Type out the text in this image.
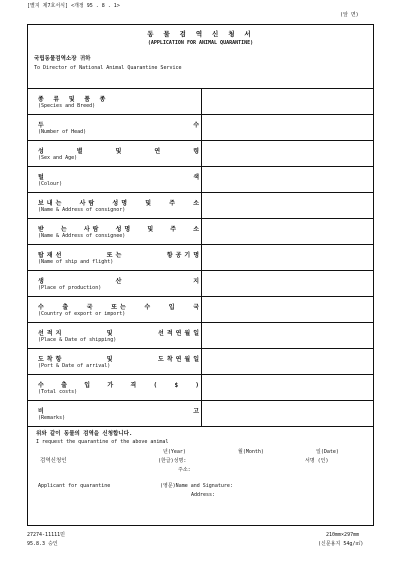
[별지 제7호서식] <개정 95 . 8 . 1>
(앞 면)
동 물 검 역 신 청 서
(APPLICATION FOR ANIMAL QUARANTINE)
국립동물검역소장 귀하
To Director of National Animal Quarantine Service
종 류 및 품 종
(Species and Breed)
두 수
(Number of Head)
성 별 및 연 령
(Sex and Age)
털 색
(Colour)
보내는 사람 성명 및 주 소
(Name & Address of consignor)
받 는 사람 성명 및 주 소
(Name & Address of consignee)
탑재선 또는 항공기명
(Name of ship and flight)
생 산 지
(Place of production)
수 출 국 또는 수 입 국
(Country of export or import)
선적지 및 선적연월일
(Place & Date of shipping)
도착항 및 도착연월일
(Port & Date of arrival)
수 출 입 가 격 ( $ )
(Total costs)
비 고
(Remarks)
위와 같이 동물의 검역을 신청합니다.
I request the quarantine of the above animal
년(Year)	월(Month)	일(Date)
검역신청인	(한글)성명:	서명 (인)
주소:
Applicant for quarantine	(영문)Name and Signature:
Address:
27274-11111민
95.8.3 승인
210mm×297mm
(신문용지 54g/㎡)
